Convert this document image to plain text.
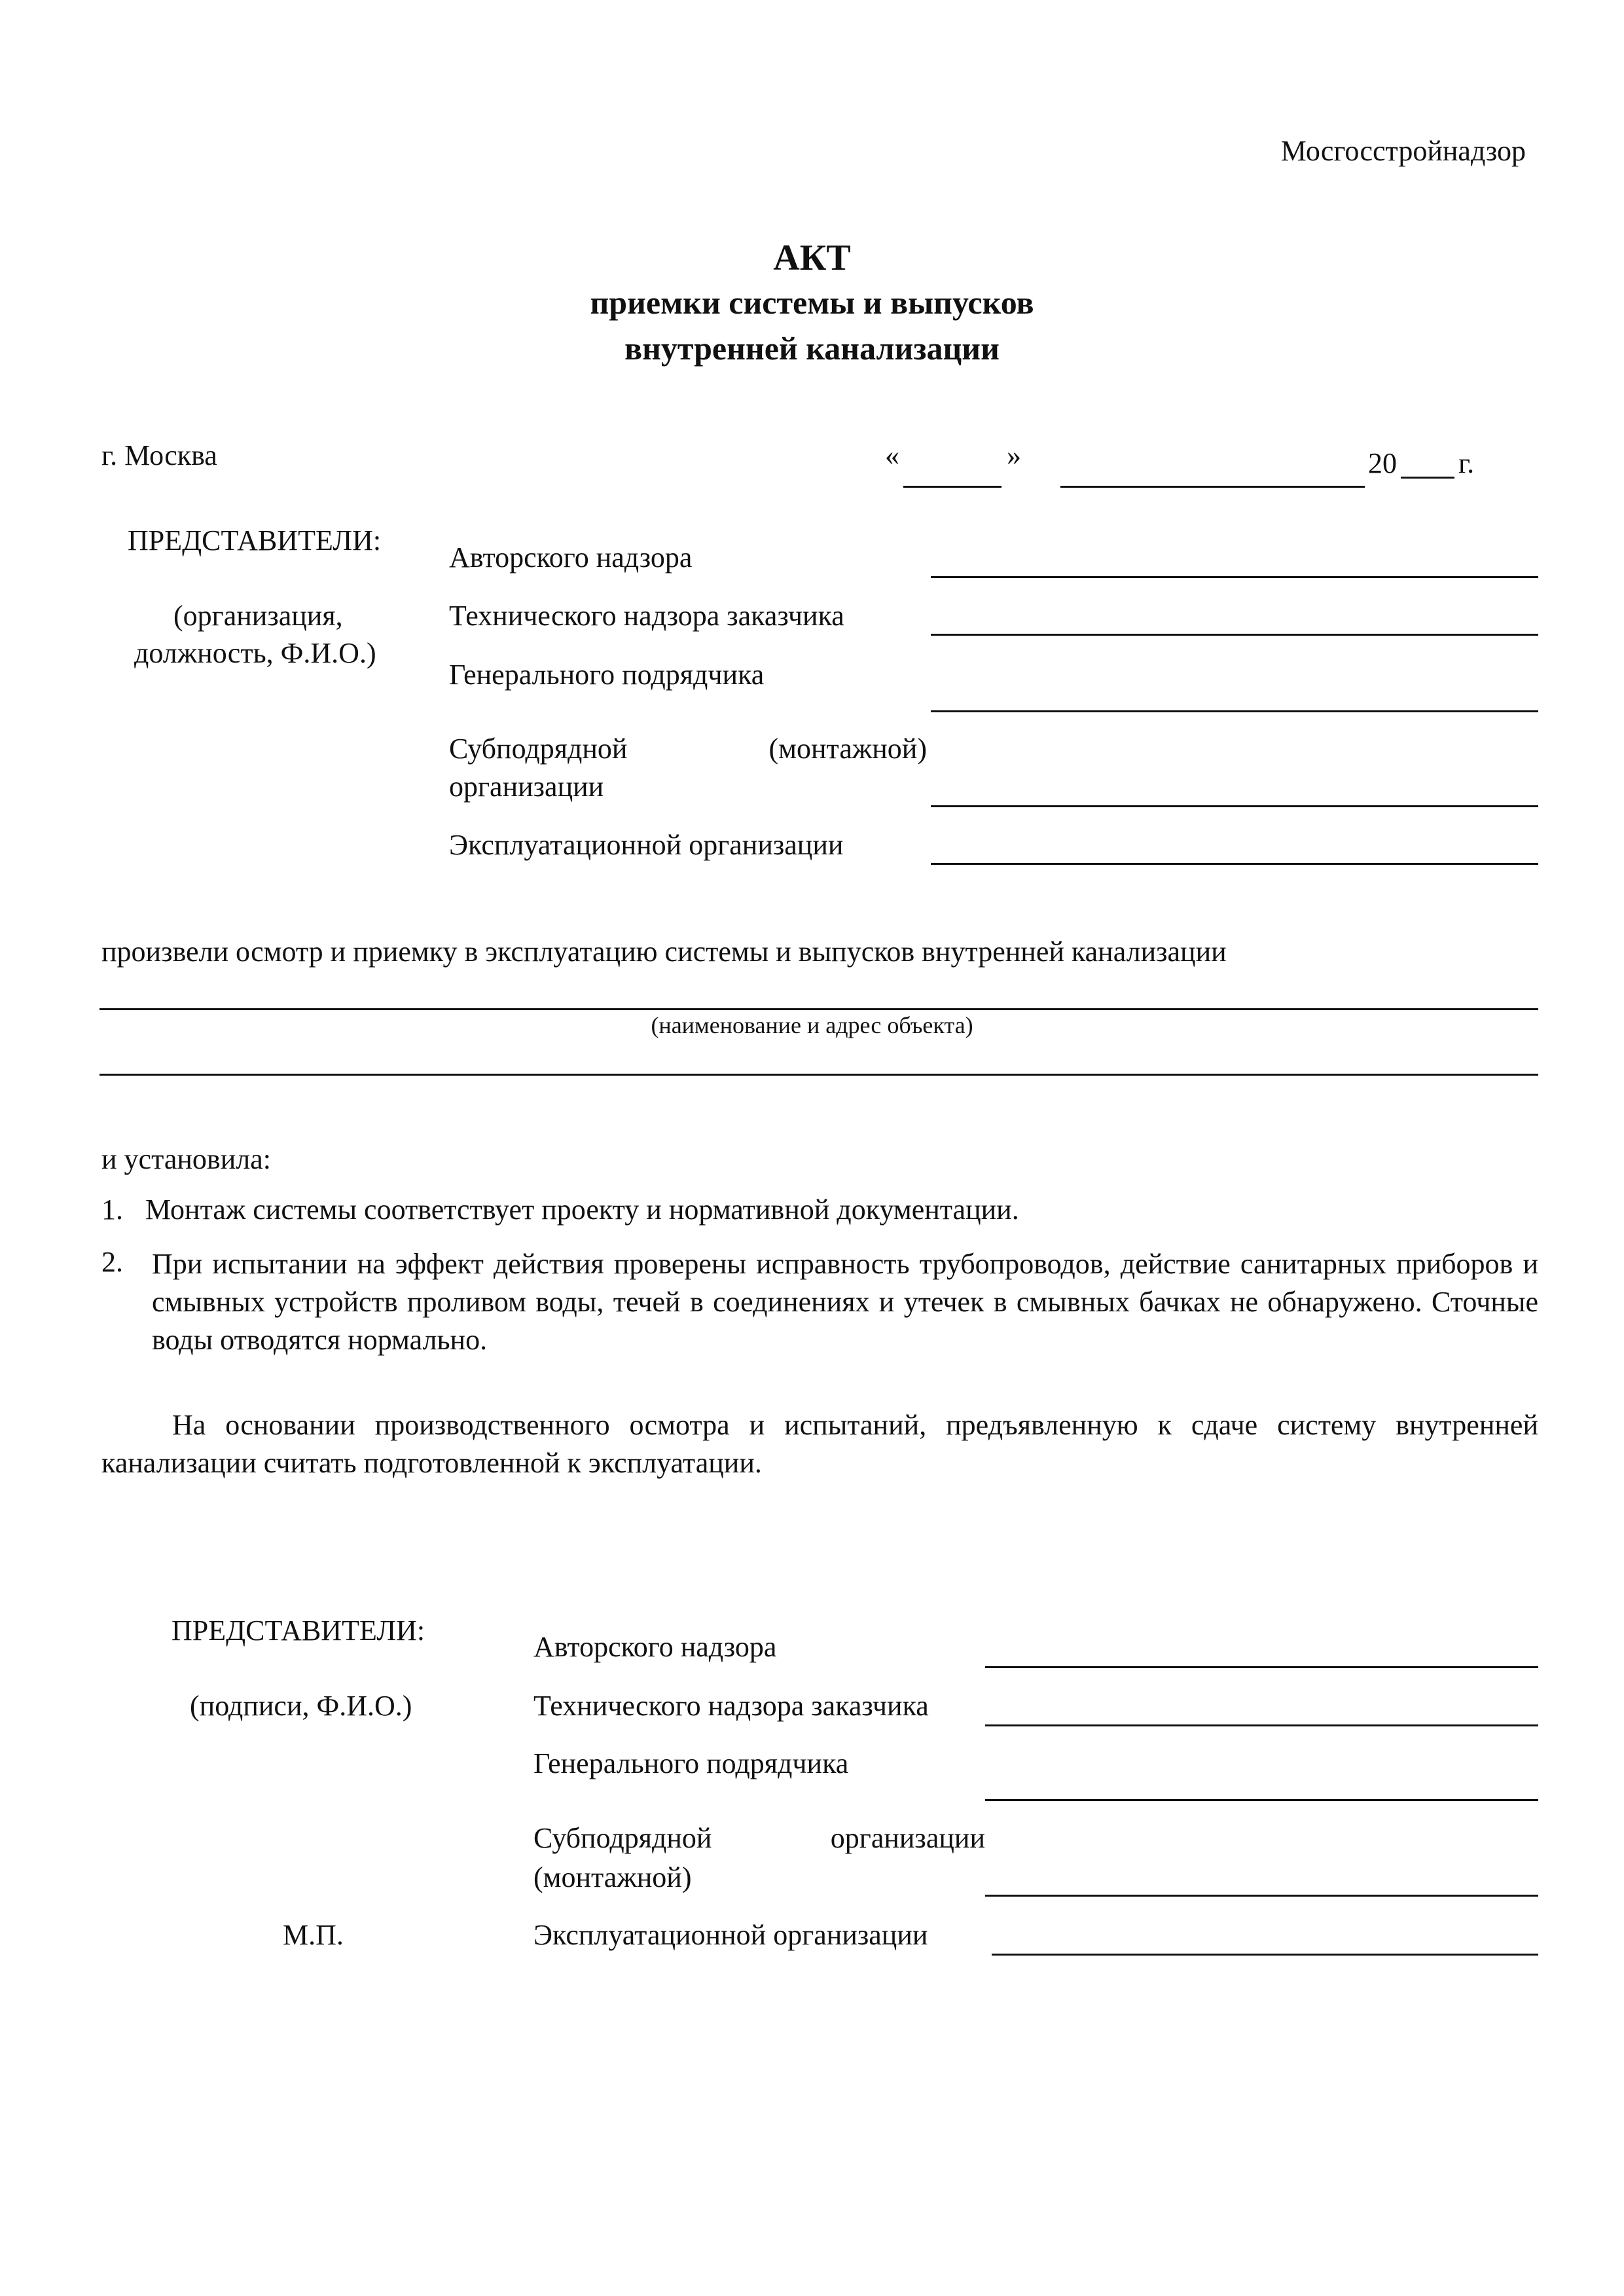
Мосгосстройнадзор
АКТ
приемки системы и выпусков
внутренней канализации
г. Москва	«	»	20 г.
ПРЕДСТАВИТЕЛИ:
(организация,
должность, Ф.И.О.)
Авторского надзора
Технического надзора заказчика
Генерального подрядчика
Субподрядной	(монтажной)
организации
Эксплуатационной организации
произвели осмотр и приемку в эксплуатацию системы и выпусков внутренней канализации
(наименование и адрес объекта)
и установила:
1. Монтаж системы соответствует проекту и нормативной документации.
2. При испытании на эффект действия проверены исправность трубопроводов, действие санитарных приборов и смывных устройств проливом воды, течей в соединениях и утечек в смывных бачках не обнаружено. Сточные воды отводятся нормально.
На основании производственного осмотра и испытаний, предъявленную к сдаче систему внутренней канализации считать подготовленной к эксплуатации.
ПРЕДСТАВИТЕЛИ:
(подписи, Ф.И.О.)
Авторского надзора
Технического надзора заказчика
Генерального подрядчика
Субподрядной	организации
(монтажной)
М.П.	Эксплуатационной организации
